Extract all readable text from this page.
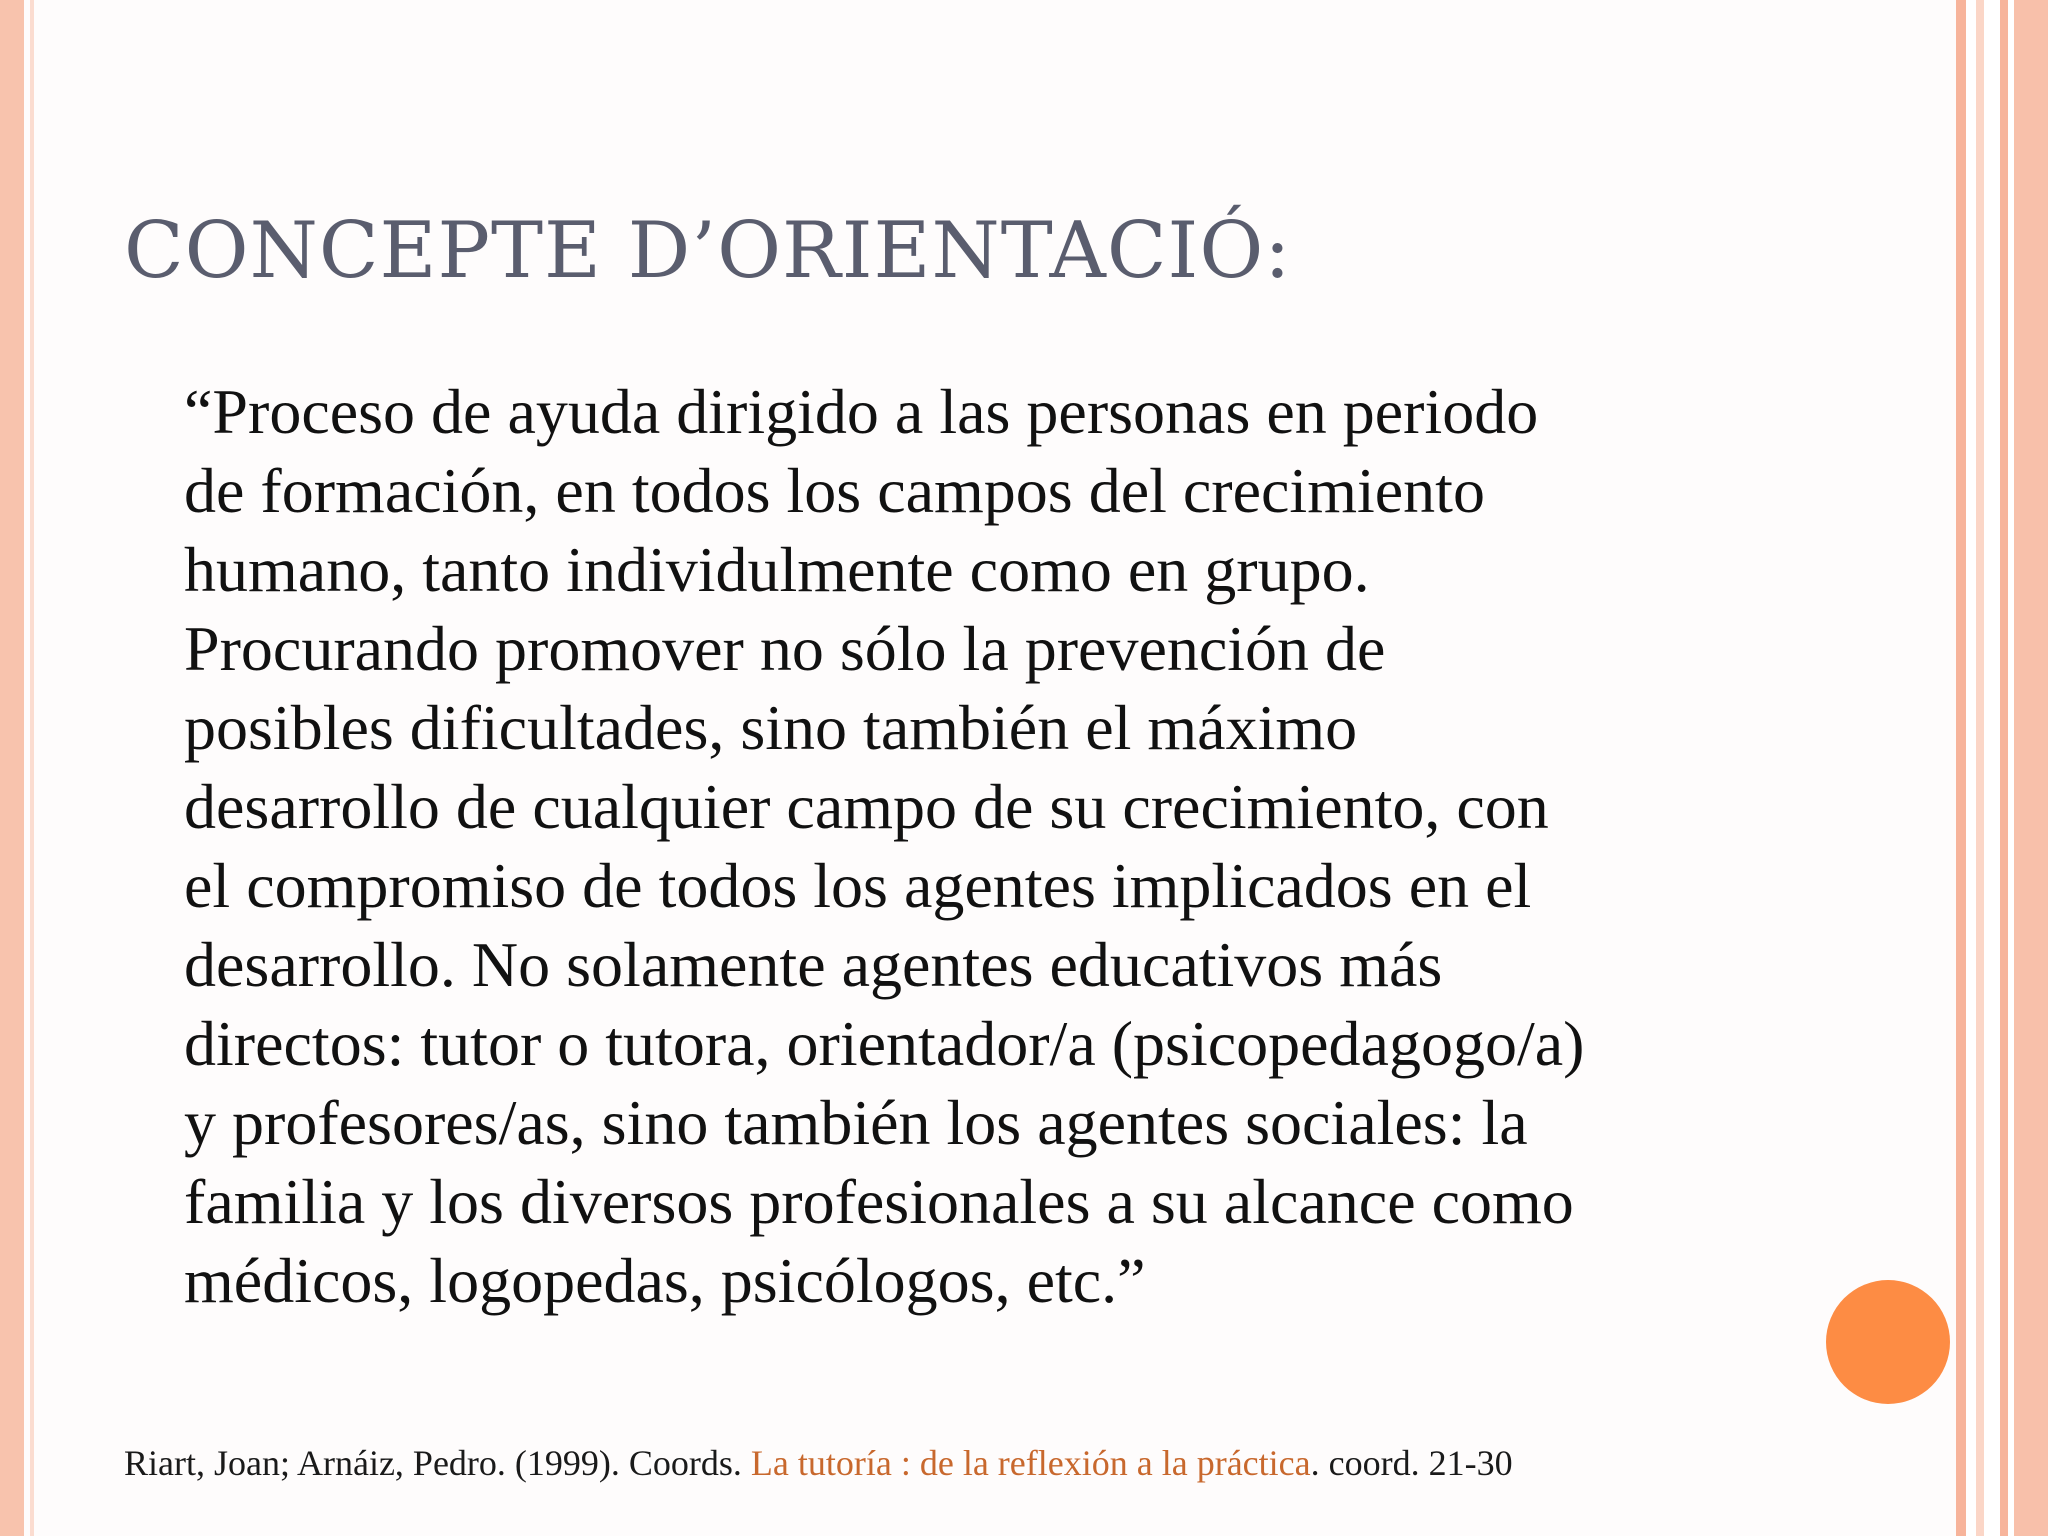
CONCEPTE D’ORIENTACIÓ:

“Proceso de ayuda dirigido a las personas en periodo
de formación, en todos los campos del crecimiento
humano, tanto individulmente como en grupo.
Procurando promover no sólo la prevención de
posibles dificultades, sino también el máximo
desarrollo de cualquier campo de su crecimiento, con
el compromiso de todos los agentes implicados en el
desarrollo. No solamente agentes educativos más
directos: tutor o tutora, orientador/a (psicopedagogo/a)
y profesores/as, sino también los agentes sociales: la
familia y los diversos profesionales a su alcance como
médicos, logopedas, psicólogos, etc.”

Riart, Joan; Arnáiz, Pedro. (1999). Coords. La tutoría : de la reflexión a la práctica. coord. 21-30
